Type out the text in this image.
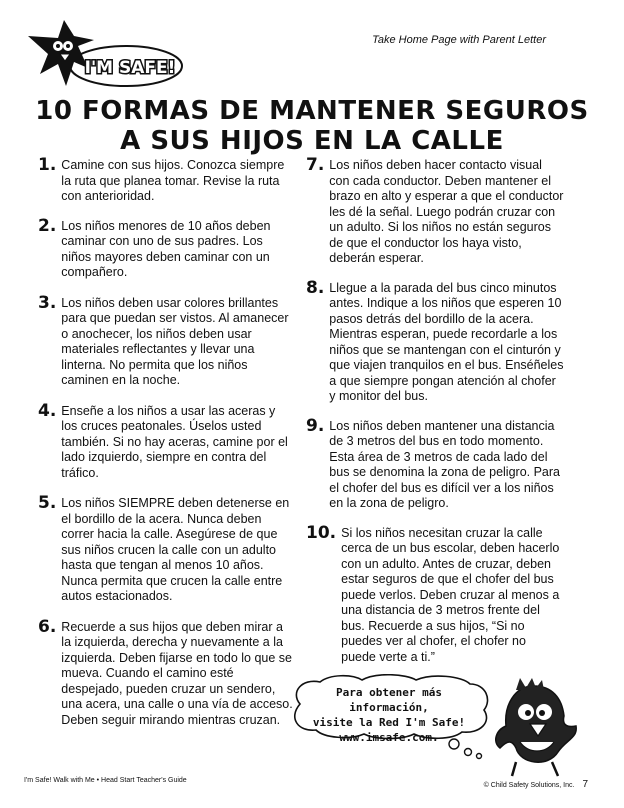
Take Home Page with Parent Letter
I'M SAFE!
10 FORMAS DE MANTENER SEGUROS
A SUS HIJOS EN LA CALLE
1. Camine con sus hijos. Conozca siempre la ruta que planea tomar. Revise la ruta con anterioridad.
2. Los niños menores de 10 años deben caminar con uno de sus padres. Los niños mayores deben caminar con un compañero.
3. Los niños deben usar colores brillantes para que puedan ser vistos. Al amanecer o anochecer, los niños deben usar materiales reflectantes y llevar una linterna. No permita que los niños caminen en la noche.
4. Enseñe a los niños a usar las aceras y los cruces peatonales. Úselos usted también. Si no hay aceras, camine por el lado izquierdo, siempre en contra del tráfico.
5. Los niños SIEMPRE deben detenerse en el bordillo de la acera. Nunca deben correr hacia la calle. Asegúrese de que sus niños crucen la calle con un adulto hasta que tengan al menos 10 años. Nunca permita que crucen la calle entre autos estacionados.
6. Recuerde a sus hijos que deben mirar a la izquierda, derecha y nuevamente a la izquierda. Deben fijarse en todo lo que se mueva. Cuando el camino esté despejado, pueden cruzar un sendero, una acera, una calle o una vía de acceso. Deben seguir mirando mientras cruzan.
7. Los niños deben hacer contacto visual con cada conductor. Deben mantener el brazo en alto y esperar a que el conductor les dé la señal. Luego podrán cruzar con un adulto. Si los niños no están seguros de que el conductor los haya visto, deberán esperar.
8. Llegue a la parada del bus cinco minutos antes. Indique a los niños que esperen 10 pasos detrás del bordillo de la acera. Mientras esperan, puede recordarle a los niños que se mantengan con el cinturón y que viajen tranquilos en el bus. Enséñeles a que siempre pongan atención al chofer y monitor del bus.
9. Los niños deben mantener una distancia de 3 metros del bus en todo momento. Esta área de 3 metros de cada lado del bus se denomina la zona de peligro. Para el chofer del bus es difícil ver a los niños en la zona de peligro.
10. Si los niños necesitan cruzar la calle cerca de un bus escolar, deben hacerlo con un adulto. Antes de cruzar, deben estar seguros de que el chofer del bus puede verlos. Deben cruzar al menos a una distancia de 3 metros frente del bus. Recuerde a sus hijos, “Si no puedes ver al chofer, el chofer no puede verte a ti.”
Para obtener más información,
visite la Red I'm Safe!
www.imsafe.com.
I'm Safe! Walk with Me • Head Start Teacher's Guide
© Child Safety Solutions, Inc. 7
